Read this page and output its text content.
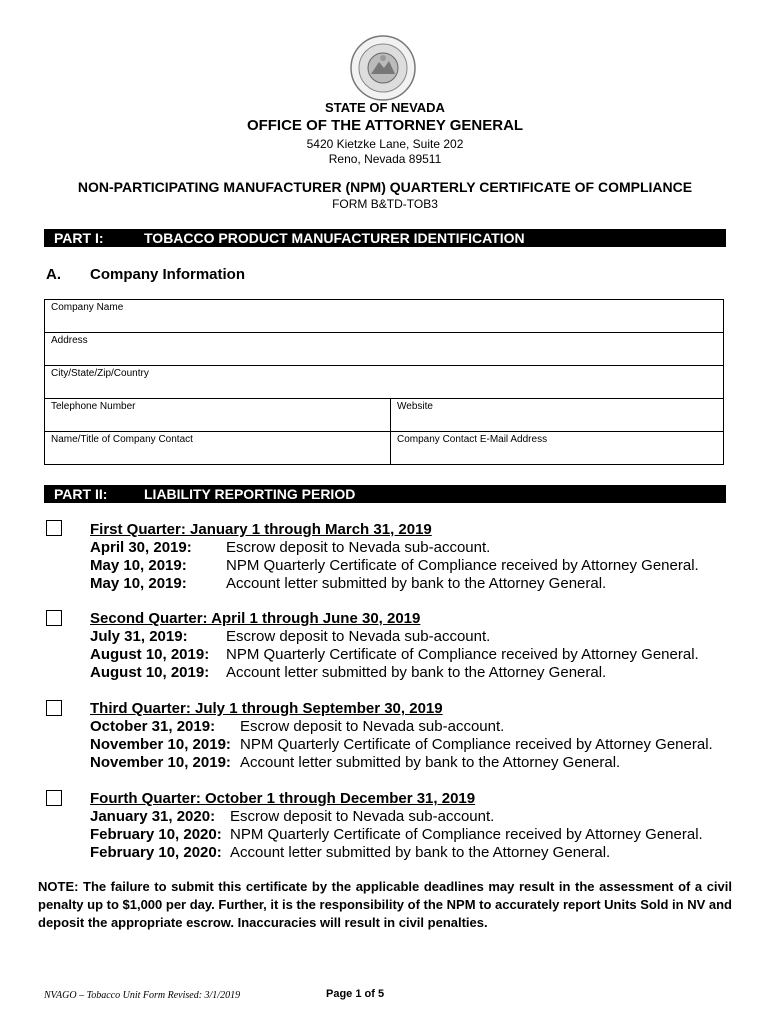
STATE OF NEVADA
OFFICE OF THE ATTORNEY GENERAL
5420 Kietzke Lane, Suite 202
Reno, Nevada 89511
NON-PARTICIPATING MANUFACTURER (NPM) QUARTERLY CERTIFICATE OF COMPLIANCE
FORM B&TD-TOB3
PART I:	TOBACCO PRODUCT MANUFACTURER IDENTIFICATION
A. Company Information
Company Name
Address
City/State/Zip/Country
Telephone Number	Website
Name/Title of Company Contact	Company Contact E-Mail Address
PART II:	LIABILITY REPORTING PERIOD
First Quarter: January 1 through March 31, 2019
April 30, 2019: Escrow deposit to Nevada sub-account.
May 10, 2019:	NPM Quarterly Certificate of Compliance received by Attorney General.
May 10, 2019:	Account letter submitted by bank to the Attorney General.
Second Quarter: April 1 through June 30, 2019
July 31, 2019:	Escrow deposit to Nevada sub-account.
August 10, 2019: NPM Quarterly Certificate of Compliance received by Attorney General.
August 10, 2019: Account letter submitted by bank to the Attorney General.
Third Quarter: July 1 through September 30, 2019
October 31, 2019: Escrow deposit to Nevada sub-account.
November 10, 2019: NPM Quarterly Certificate of Compliance received by Attorney General.
November 10, 2019: Account letter submitted by bank to the Attorney General.
Fourth Quarter: October 1 through December 31, 2019
January 31, 2020: Escrow deposit to Nevada sub-account.
February 10, 2020: NPM Quarterly Certificate of Compliance received by Attorney General.
February 10, 2020: Account letter submitted by bank to the Attorney General.
NOTE: The failure to submit this certificate by the applicable deadlines may result in the assessment of a civil penalty up to $1,000 per day. Further, it is the responsibility of the NPM to accurately report Units Sold in NV and deposit the appropriate escrow. Inaccuracies will result in civil penalties.
NVAGO – Tobacco Unit Form Revised: 3/1/2019	Page 1 of 5
